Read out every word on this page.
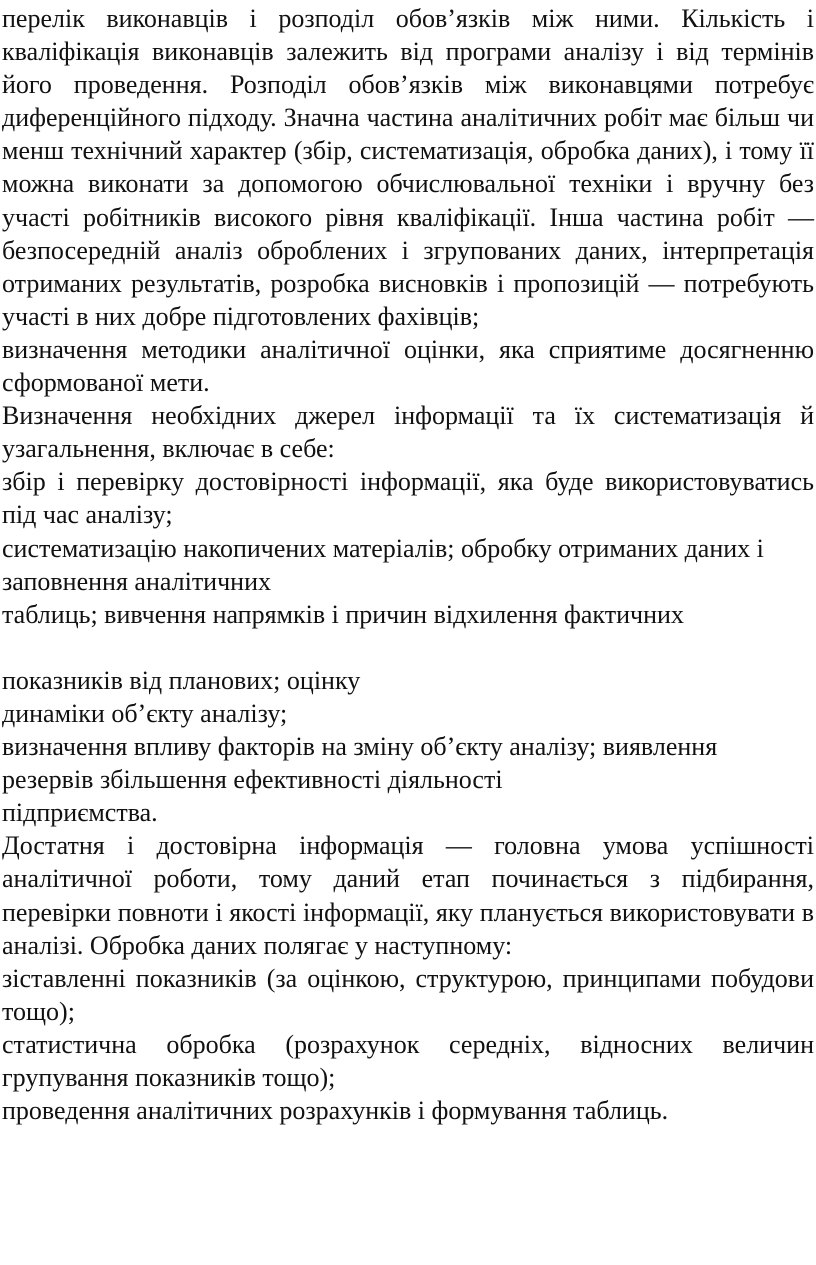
перелік виконавців і розподіл обов’язків між ними. Кількість і кваліфікація виконавців залежить від програми аналізу і від термінів його проведення. Розподіл обов’язків між виконавцями потребує диференційного підходу. Значна частина аналітичних робіт має більш чи менш технічний характер (збір, систематизація, обробка даних), і тому її можна виконати за допомогою обчислювальної техніки і вручну без участі робітників високого рівня кваліфікації. Інша частина робіт — безпосередній аналіз оброблених і згрупованих даних, інтерпретація отриманих результатів, розробка висновків і пропозицій — потребують участі в них добре підготовлених фахівців;

визначення методики аналітичної оцінки, яка сприятиме досягненню сформованої мети.

Визначення необхідних джерел інформації та їх систематизація й узагальнення, включає в себе:

збір і перевірку достовірності інформації, яка буде використовуватись під час аналізу;

систематизацію накопичених матеріалів; обробку отриманих даних і заповнення аналітичних

таблиць; вивчення напрямків і причин відхилення фактичних

показників від планових; оцінку

динаміки об’єкту аналізу;

визначення впливу факторів на зміну об’єкту аналізу; виявлення резервів збільшення ефективності діяльності

підприємства.

Достатня і достовірна інформація — головна умова успішності аналітичної роботи, тому даний етап починається з підбирання, перевірки повноти і якості інформації, яку планується використовувати в аналізі. Обробка даних полягає у наступному:

зіставленні показників (за оцінкою, структурою, принципами побудови тощо);

статистична обробка (розрахунок середніх, відносних величин групування показників тощо);

проведення аналітичних розрахунків і формування таблиць.
